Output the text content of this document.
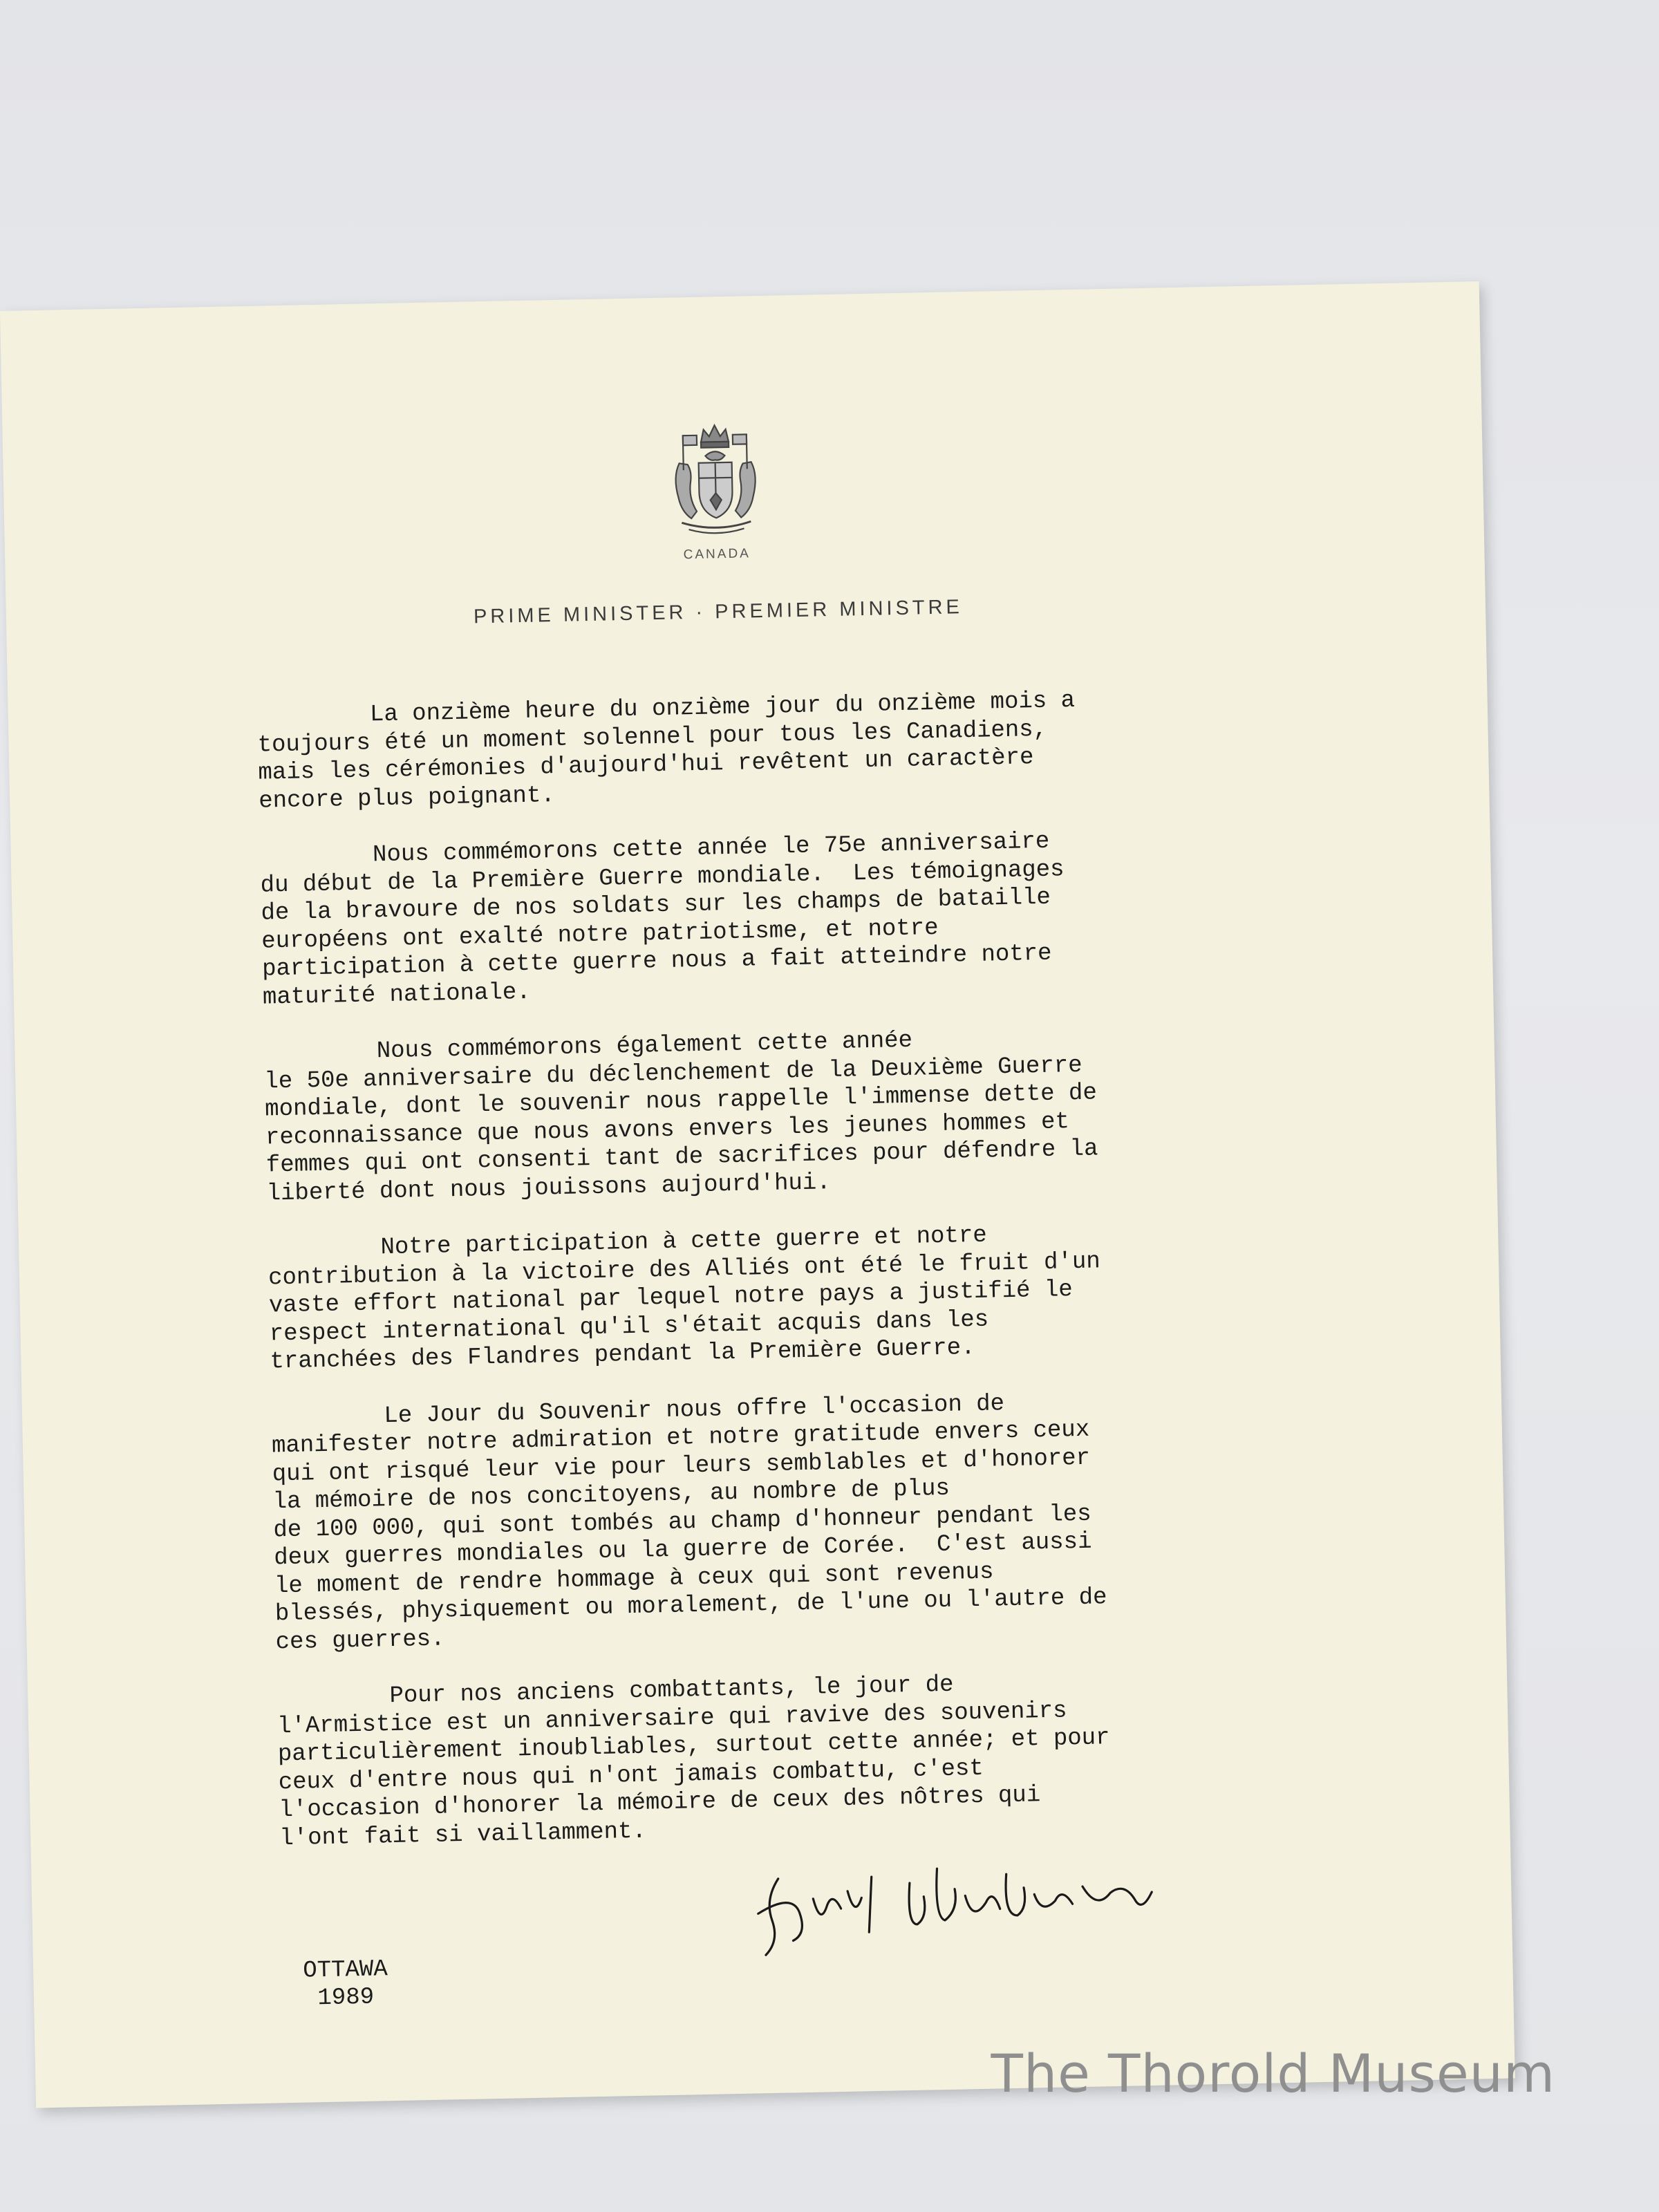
CANADA
PRIME MINISTER · PREMIER MINISTRE

La onzième heure du onzième jour du onzième mois a
toujours été un moment solennel pour tous les Canadiens,
mais les cérémonies d'aujourd'hui revêtent un caractère
encore plus poignant.

Nous commémorons cette année le 75e anniversaire
du début de la Première Guerre mondiale.  Les témoignages
de la bravoure de nos soldats sur les champs de bataille
européens ont exalté notre patriotisme, et notre
participation à cette guerre nous a fait atteindre notre
maturité nationale.

Nous commémorons également cette année
le 50e anniversaire du déclenchement de la Deuxième Guerre
mondiale, dont le souvenir nous rappelle l'immense dette de
reconnaissance que nous avons envers les jeunes hommes et
femmes qui ont consenti tant de sacrifices pour défendre la
liberté dont nous jouissons aujourd'hui.

Notre participation à cette guerre et notre
contribution à la victoire des Alliés ont été le fruit d'un
vaste effort national par lequel notre pays a justifié le
respect international qu'il s'était acquis dans les
tranchées des Flandres pendant la Première Guerre.

Le Jour du Souvenir nous offre l'occasion de
manifester notre admiration et notre gratitude envers ceux
qui ont risqué leur vie pour leurs semblables et d'honorer
la mémoire de nos concitoyens, au nombre de plus
de 100 000, qui sont tombés au champ d'honneur pendant les
deux guerres mondiales ou la guerre de Corée.  C'est aussi
le moment de rendre hommage à ceux qui sont revenus
blessés, physiquement ou moralement, de l'une ou l'autre de
ces guerres.

Pour nos anciens combattants, le jour de
l'Armistice est un anniversaire qui ravive des souvenirs
particulièrement inoubliables, surtout cette année; et pour
ceux d'entre nous qui n'ont jamais combattu, c'est
l'occasion d'honorer la mémoire de ceux des nôtres qui
l'ont fait si vaillamment.

OTTAWA
1989
The Thorold Museum
